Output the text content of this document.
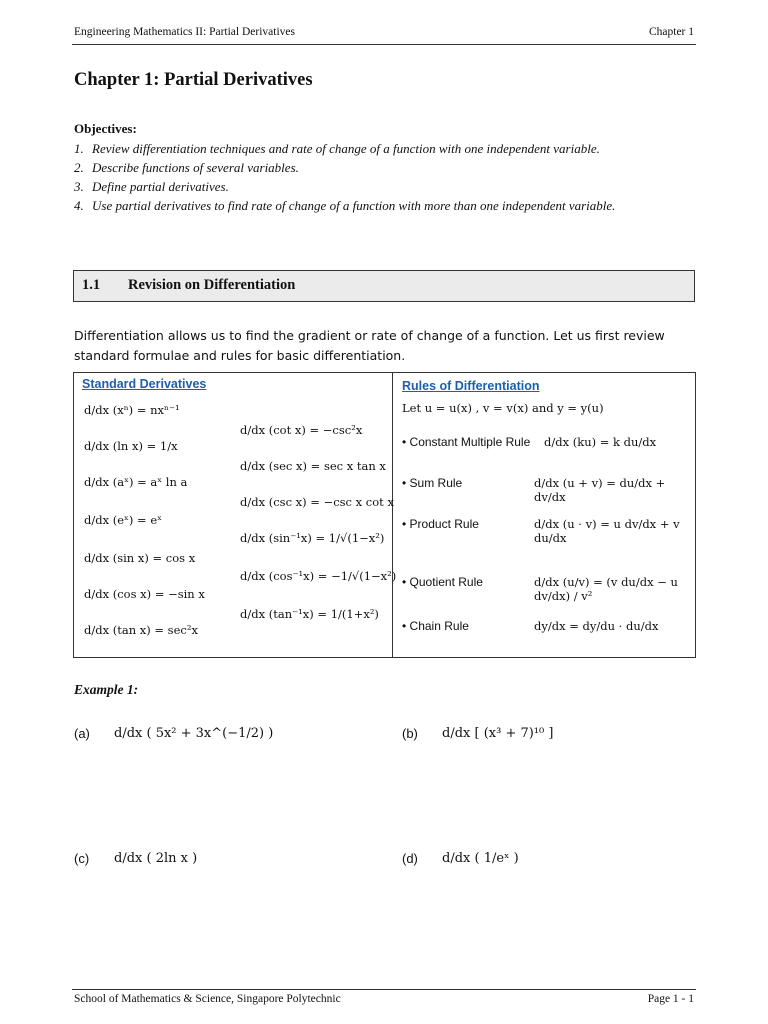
Engineering Mathematics II: Partial Derivatives	Chapter 1
Chapter 1: Partial Derivatives
Objectives:
1. Review differentiation techniques and rate of change of a function with one independent variable.
2. Describe functions of several variables.
3. Define partial derivatives.
4. Use partial derivatives to find rate of change of a function with more than one independent variable.
1.1 Revision on Differentiation
Differentiation allows us to find the gradient or rate of change of a function. Let us first review standard formulae and rules for basic differentiation.
Standard Derivatives
d/dx (xⁿ) = nxⁿ⁻¹
d/dx (ln x) = 1/x
d/dx (aˣ) = aˣ ln a
d/dx (eˣ) = eˣ
d/dx (sin x) = cos x
d/dx (cos x) = −sin x
d/dx (tan x) = sec²x
d/dx (cot x) = −csc²x
d/dx (sec x) = sec x tan x
d/dx (csc x) = −csc x cot x
d/dx (sin⁻¹x) = 1/√(1−x²)
d/dx (cos⁻¹x) = −1/√(1−x²)
d/dx (tan⁻¹x) = 1/(1+x²)
Rules of Differentiation
Let u = u(x) , v = v(x) and y = y(u)
• Constant Multiple Rule d/dx (ku) = k du/dx
• Sum Rule	d/dx (u + v) = du/dx + dv/dx
• Product Rule	d/dx (u · v) = u dv/dx + v du/dx
• Quotient Rule	d/dx (u/v) = (v du/dx − u dv/dx) / v²
• Chain Rule	dy/dx = dy/du · du/dx
Example 1:
(a) d/dx ( 5x² + 3x^(−1/2) )	(b) d/dx [ (x³ + 7)¹⁰ ]
(c) d/dx ( 2ln x )	(d) d/dx ( 1/eˣ )
School of Mathematics & Science, Singapore Polytechnic	Page 1 - 1
